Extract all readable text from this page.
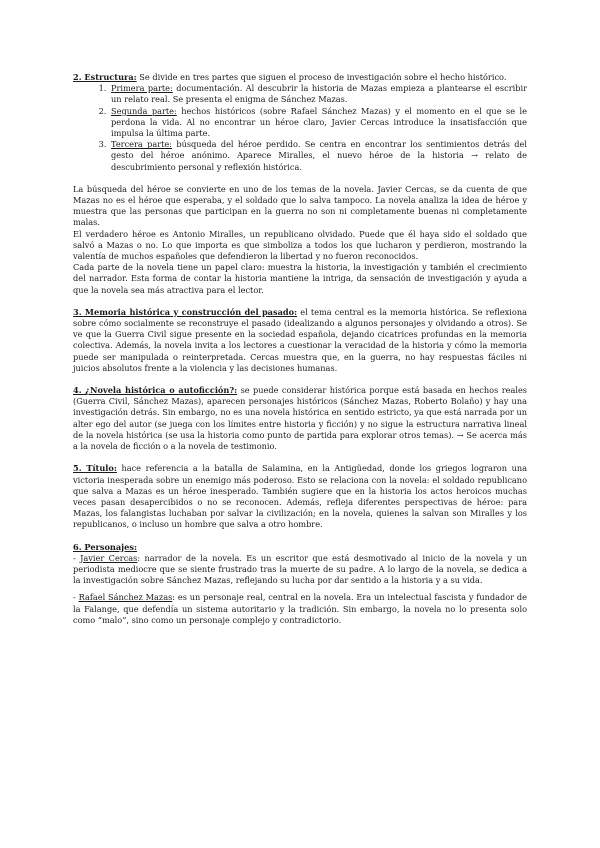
2. Estructura: Se divide en tres partes que siguen el proceso de investigación sobre el hecho histórico.

1. Primera parte: documentación. Al descubrir la historia de Mazas empieza a plantearse el escribir un relato real. Se presenta el enigma de Sánchez Mazas.
2. Segunda parte: hechos históricos (sobre Rafael Sánchez Mazas) y el momento en el que se le perdona la vida. Al no encontrar un héroe claro, Javier Cercas introduce la insatisfacción que impulsa la última parte.
3. Tercera parte: búsqueda del héroe perdido. Se centra en encontrar los sentimientos detrás del gesto del héroe anónimo. Aparece Miralles, el nuevo héroe de la historia → relato de descubrimiento personal y reflexión histórica.

La búsqueda del héroe se convierte en uno de los temas de la novela. Javier Cercas, se da cuenta de que Mazas no es el héroe que esperaba, y el soldado que lo salva tampoco. La novela analiza la idea de héroe y muestra que las personas que participan en la guerra no son ni completamente buenas ni completamente malas.

El verdadero héroe es Antonio Miralles, un republicano olvidado. Puede que él haya sido el soldado que salvó a Mazas o no. Lo que importa es que simboliza a todos los que lucharon y perdieron, mostrando la valentía de muchos españoles que defendieron la libertad y no fueron reconocidos.

Cada parte de la novela tiene un papel claro: muestra la historia, la investigación y también el crecimiento del narrador. Esta forma de contar la historia mantiene la intriga, da sensación de investigación y ayuda a que la novela sea más atractiva para el lector.

3. Memoria histórica y construcción del pasado: el tema central es la memoria histórica. Se reflexiona sobre cómo socialmente se reconstruye el pasado (idealizando a algunos personajes y olvidando a otros). Se ve que la Guerra Civil sigue presente en la sociedad española, dejando cicatrices profundas en la memoria colectiva. Además, la novela invita a los lectores a cuestionar la veracidad de la historia y cómo la memoria puede ser manipulada o reinterpretada. Cercas muestra que, en la guerra, no hay respuestas fáciles ni juicios absolutos frente a la violencia y las decisiones humanas.

4. ¿Novela histórica o autoficción?: se puede considerar histórica porque está basada en hechos reales (Guerra Civil, Sánchez Mazas), aparecen personajes históricos (Sánchez Mazas, Roberto Bolaño) y hay una investigación detrás. Sin embargo, no es una novela histórica en sentido estricto, ya que está narrada por un alter ego del autor (se juega con los límites entre historia y ficción) y no sigue la estructura narrativa lineal de la novela histórica (se usa la historia como punto de partida para explorar otros temas). → Se acerca más a la novela de ficción o a la novela de testimonio.

5. Título: hace referencia a la batalla de Salamina, en la Antigüedad, donde los griegos lograron una victoria inesperada sobre un enemigo más poderoso. Esto se relaciona con la novela: el soldado republicano que salva a Mazas es un héroe inesperado. También sugiere que en la historia los actos heroicos muchas veces pasan desapercibidos o no se reconocen. Además, refleja diferentes perspectivas de héroe: para Mazas, los falangistas luchaban por salvar la civilización; en la novela, quienes la salvan son Miralles y los republicanos, o incluso un hombre que salva a otro hombre.

6. Personajes:

- Javier Cercas: narrador de la novela. Es un escritor que está desmotivado al inicio de la novela y un periodista mediocre que se siente frustrado tras la muerte de su padre. A lo largo de la novela, se dedica a la investigación sobre Sánchez Mazas, reflejando su lucha por dar sentido a la historia y a su vida.

- Rafael Sánchez Mazas: es un personaje real, central en la novela. Era un intelectual fascista y fundador de la Falange, que defendía un sistema autoritario y la tradición. Sin embargo, la novela no lo presenta solo como “malo”, sino como un personaje complejo y contradictorio.
